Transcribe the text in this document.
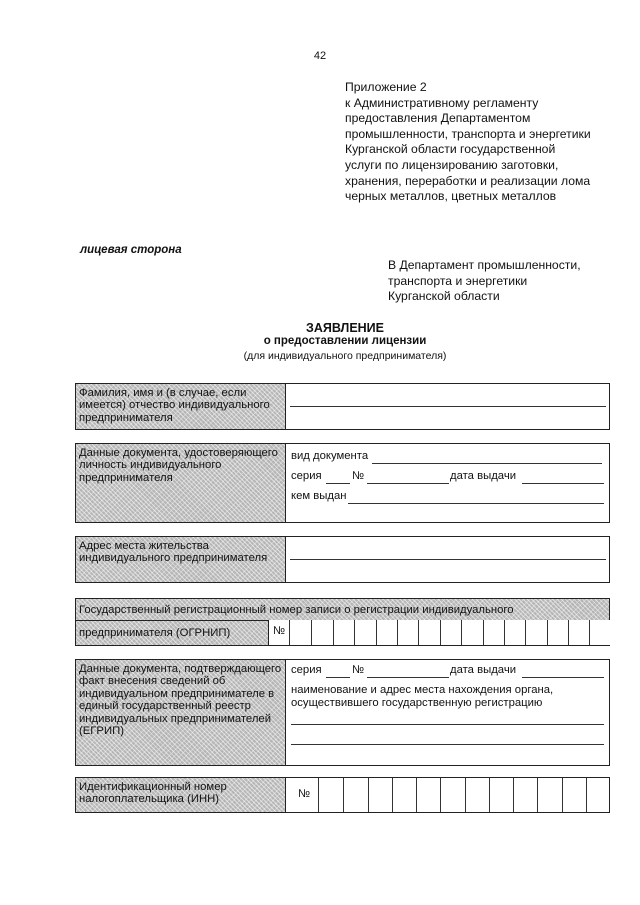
42
Приложение 2
к Административному регламенту
предоставления Департаментом
промышленности, транспорта и энергетики
Курганской области государственной
услуги по лицензированию заготовки,
хранения, переработки и реализации лома
черных металлов, цветных металлов
лицевая сторона
В Департамент промышленности,
транспорта и энергетики
Курганской области
ЗАЯВЛЕНИЕ
о предоставлении лицензии
(для индивидуального предпринимателя)
Фамилия, имя и (в случае, если имеется) отчество индивидуального предпринимателя
Данные документа, удостоверяющего личность индивидуального предпринимателя
вид документа
серия	№	дата выдачи
кем выдан
Адрес места жительства индивидуального предпринимателя
Государственный регистрационный номер записи о регистрации индивидуального
предпринимателя (ОГРНИП)	№
Данные документа, подтверждающего факт внесения сведений об индивидуальном предпринимателе в единый государственный реестр индивидуальных предпринимателей (ЕГРИП)
серия	№	дата выдачи
наименование и адрес места нахождения органа, осуществившего государственную регистрацию
Идентификационный номер налогоплательщика (ИНН)	№
